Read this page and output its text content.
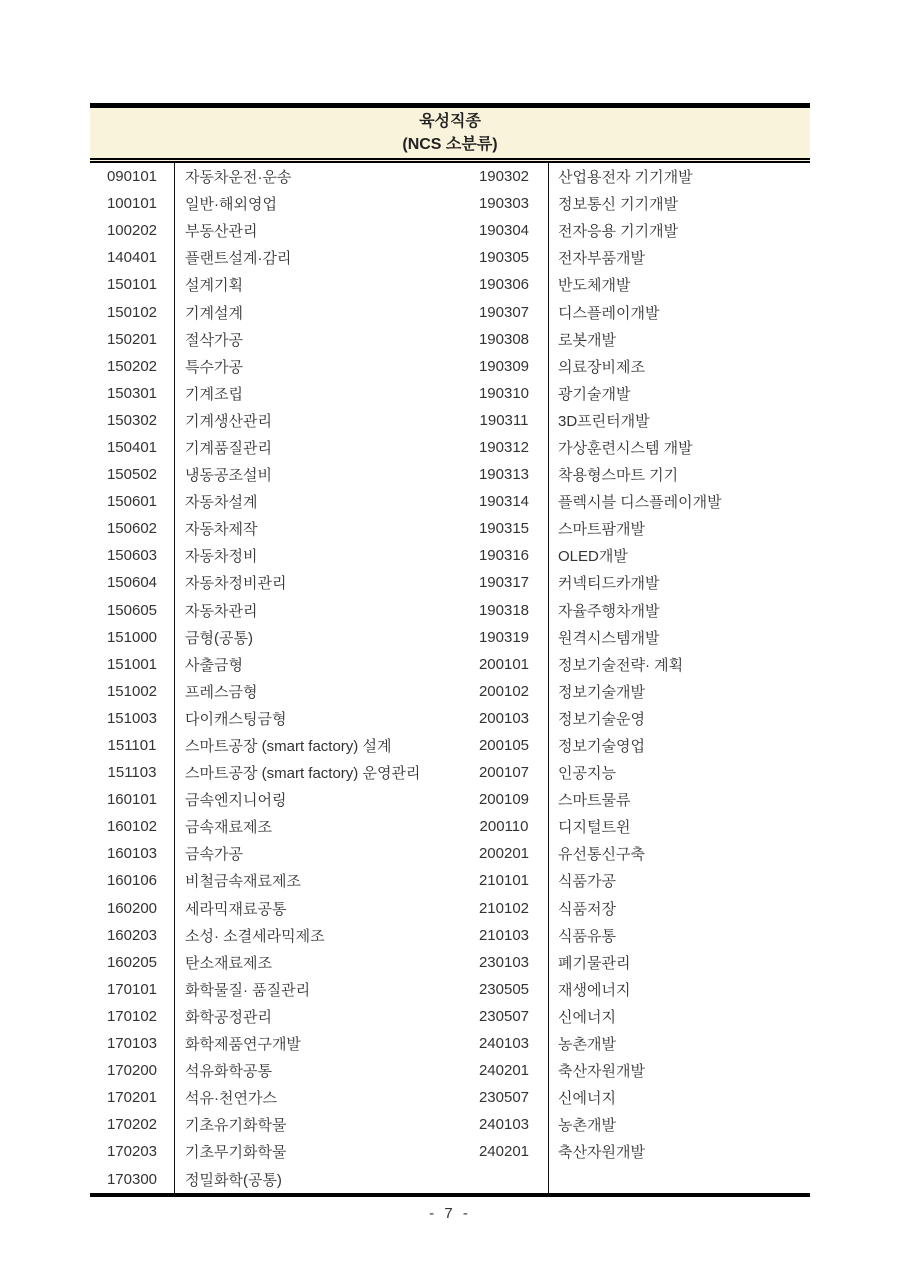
육성직종
(NCS 소분류)
090101	자동차운전·운송	190302	산업용전자 기기개발
100101	일반·해외영업	190303	정보통신 기기개발
100202	부동산관리	190304	전자응용 기기개발
140401	플랜트설계·감리	190305	전자부품개발
150101	설계기획	190306	반도체개발
150102	기계설계	190307	디스플레이개발
150201	절삭가공	190308	로봇개발
150202	특수가공	190309	의료장비제조
150301	기계조립	190310	광기술개발
150302	기계생산관리	190311	3D프린터개발
150401	기계품질관리	190312	가상훈련시스템 개발
150502	냉동공조설비	190313	착용형스마트 기기
150601	자동차설계	190314	플렉시블 디스플레이개발
150602	자동차제작	190315	스마트팜개발
150603	자동차정비	190316	OLED개발
150604	자동차정비관리	190317	커넥티드카개발
150605	자동차관리	190318	자율주행차개발
151000	금형(공통)	190319	원격시스템개발
151001	사출금형	200101	정보기술전략· 계획
151002	프레스금형	200102	정보기술개발
151003	다이캐스팅금형	200103	정보기술운영
151101	스마트공장 (smart factory) 설계	200105	정보기술영업
151103	스마트공장 (smart factory) 운영관리	200107	인공지능
160101	금속엔지니어링	200109	스마트물류
160102	금속재료제조	200110	디지털트윈
160103	금속가공	200201	유선통신구축
160106	비철금속재료제조	210101	식품가공
160200	세라믹재료공통	210102	식품저장
160203	소성· 소결세라믹제조	210103	식품유통
160205	탄소재료제조	230103	폐기물관리
170101	화학물질· 품질관리	230505	재생에너지
170102	화학공정관리	230507	신에너지
170103	화학제품연구개발	240103	농촌개발
170200	석유화학공통	240201	축산자원개발
170201	석유·천연가스	230507	신에너지
170202	기초유기화학물	240103	농촌개발
170203	기초무기화학물	240201	축산자원개발
170300	정밀화학(공통)
- 7 -
